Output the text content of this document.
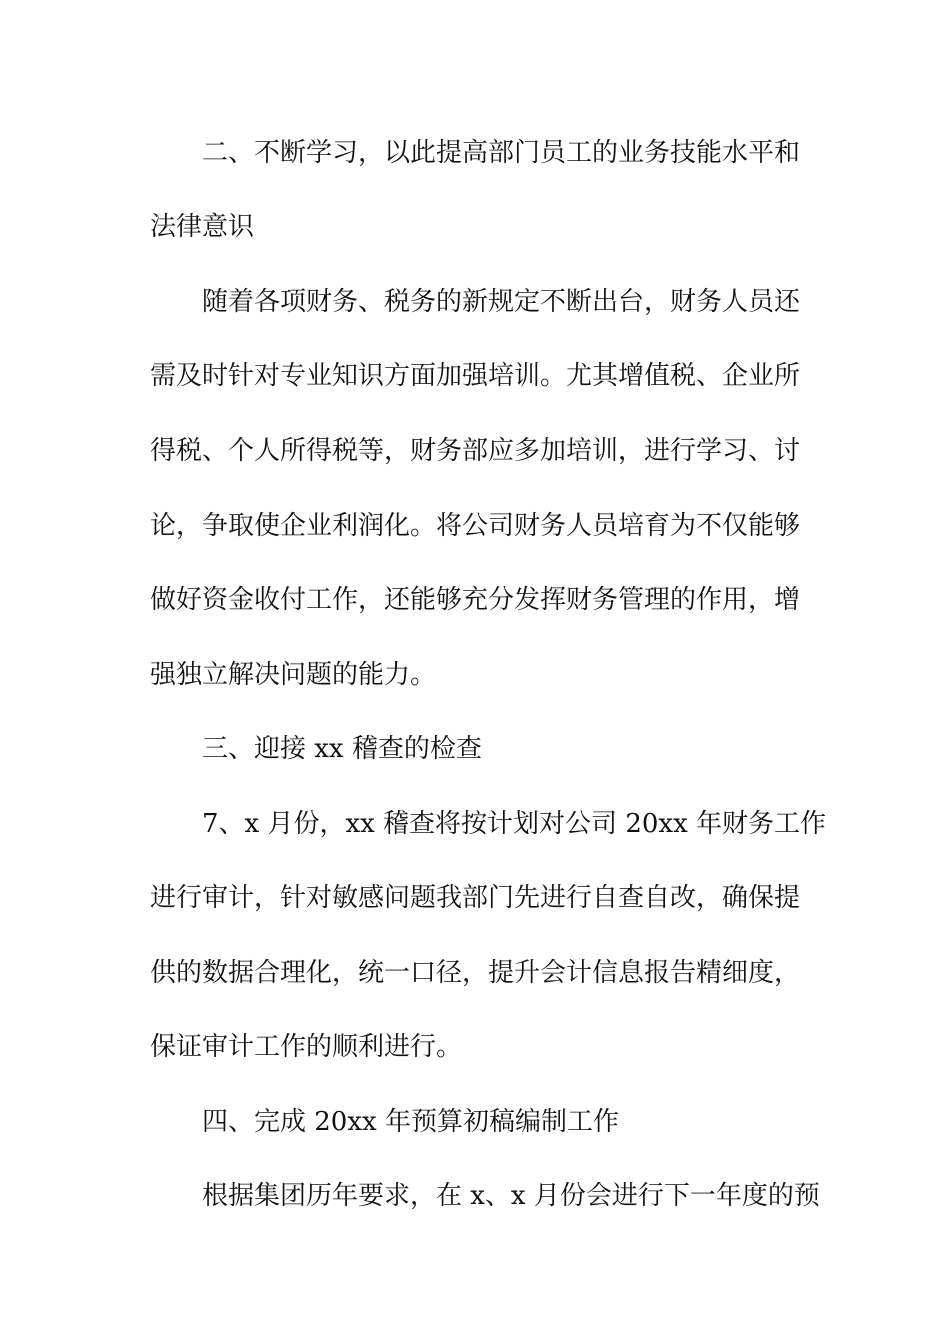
二、不断学习，以此提高部门员工的业务技能水平和
法律意识
随着各项财务、税务的新规定不断出台，财务人员还
需及时针对专业知识方面加强培训。尤其增值税、企业所
得税、个人所得税等，财务部应多加培训，进行学习、讨
论，争取使企业利润化。将公司财务人员培育为不仅能够
做好资金收付工作，还能够充分发挥财务管理的作用，增
强独立解决问题的能力。
三、迎接 xx 稽查的检查
7、x 月份，xx 稽查将按计划对公司 20xx 年财务工作
进行审计，针对敏感问题我部门先进行自查自改，确保提
供的数据合理化，统一口径，提升会计信息报告精细度，
保证审计工作的顺利进行。
四、完成 20xx 年预算初稿编制工作
根据集团历年要求，在 x、x 月份会进行下一年度的预
